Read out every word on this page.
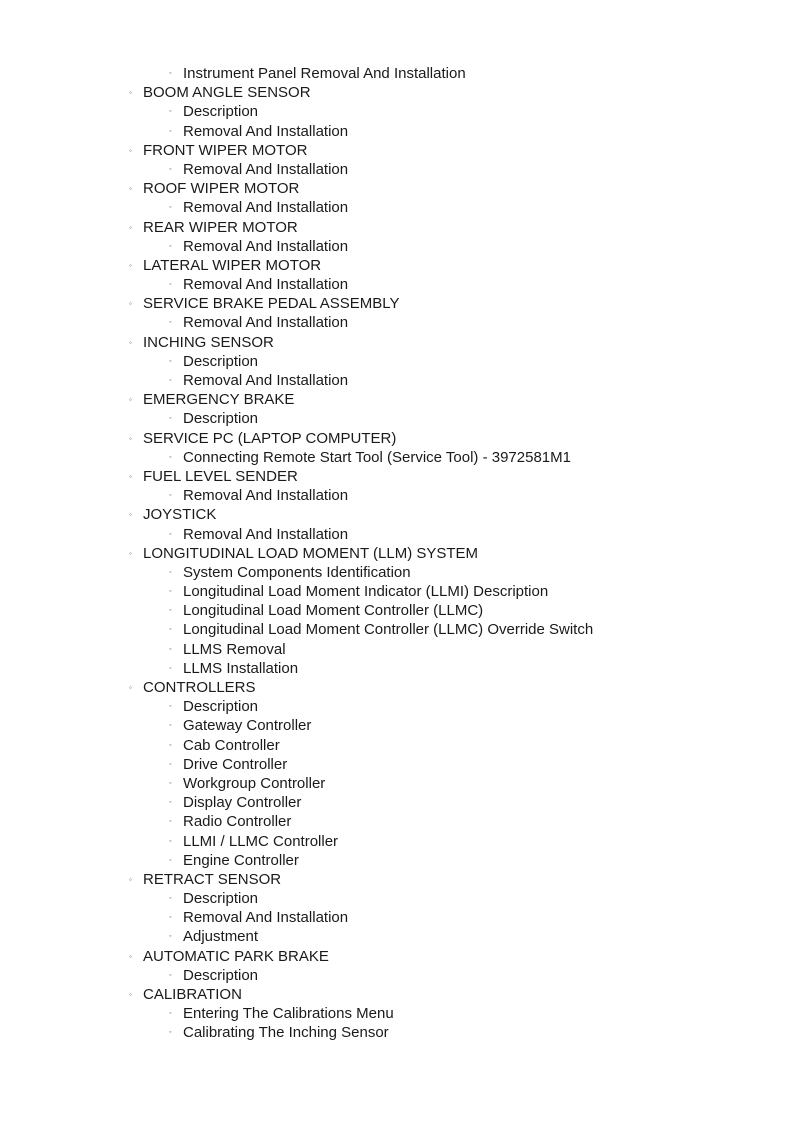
◦ Instrument Panel Removal And Installation
◦ BOOM ANGLE SENSOR
◦ Description
◦ Removal And Installation
◦ FRONT WIPER MOTOR
◦ Removal And Installation
◦ ROOF WIPER MOTOR
◦ Removal And Installation
◦ REAR WIPER MOTOR
◦ Removal And Installation
◦ LATERAL WIPER MOTOR
◦ Removal And Installation
◦ SERVICE BRAKE PEDAL ASSEMBLY
◦ Removal And Installation
◦ INCHING SENSOR
◦ Description
◦ Removal And Installation
◦ EMERGENCY BRAKE
◦ Description
◦ SERVICE PC (LAPTOP COMPUTER)
◦ Connecting Remote Start Tool (Service Tool) - 3972581M1
◦ FUEL LEVEL SENDER
◦ Removal And Installation
◦ JOYSTICK
◦ Removal And Installation
◦ LONGITUDINAL LOAD MOMENT (LLM) SYSTEM
◦ System Components Identification
◦ Longitudinal Load Moment Indicator (LLMI) Description
◦ Longitudinal Load Moment Controller (LLMC)
◦ Longitudinal Load Moment Controller (LLMC) Override Switch
◦ LLMS Removal
◦ LLMS Installation
◦ CONTROLLERS
◦ Description
◦ Gateway Controller
◦ Cab Controller
◦ Drive Controller
◦ Workgroup Controller
◦ Display Controller
◦ Radio Controller
◦ LLMI / LLMC Controller
◦ Engine Controller
◦ RETRACT SENSOR
◦ Description
◦ Removal And Installation
◦ Adjustment
◦ AUTOMATIC PARK BRAKE
◦ Description
◦ CALIBRATION
◦ Entering The Calibrations Menu
◦ Calibrating The Inching Sensor
